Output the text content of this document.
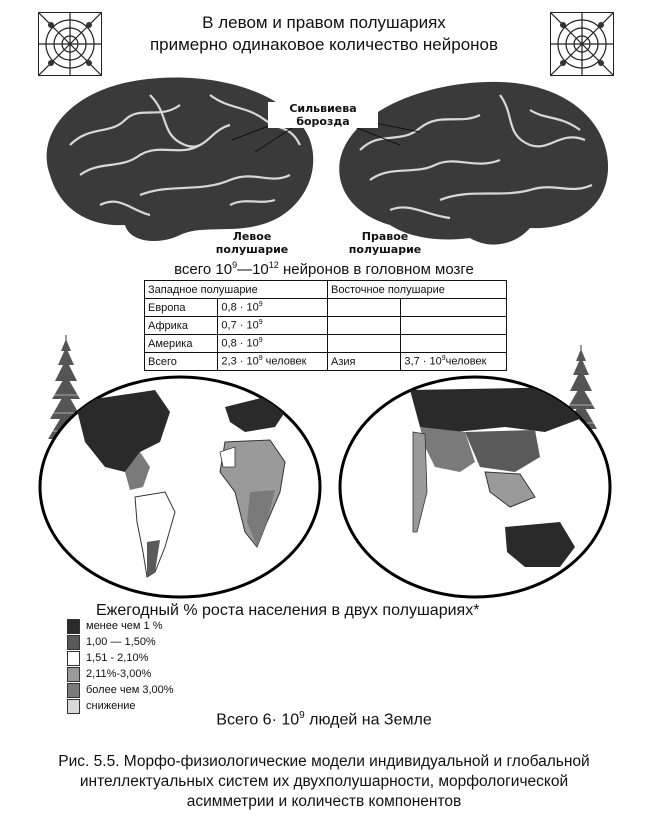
В левом и правом полушариях
примерно одинаковое количество нейронов
Сильвиева
борозда
Левое
полушарие
Правое
полушарие
всего $10^9—10^{12}$ нейронов в головном мозге
Западное полушарие		Восточное полушарие	
Европа	$0,8 \cdot 10^9$		
Африка	$0,7 \cdot 10^9$		
Америка	$0,8 \cdot 10^9$		
Всего	$2,3 \cdot 10^9$ человек	Азия	$3,7 \cdot 10^9человек$
Ежегодный % роста населения в двух полушариях*
менее чем 1 %
1,00 — 1,50%
1,51 - 2,10%
2,11%-3,00%
более чем 3,00%
снижение
Всего $6\cdot 10^9$ людей на Земле
Рис. 5.5. Морфо-физиологические модели индивидуальной и глобальной
интеллектуальных систем их двухполушарности, морфологической
асимметрии и количеств компонентов
